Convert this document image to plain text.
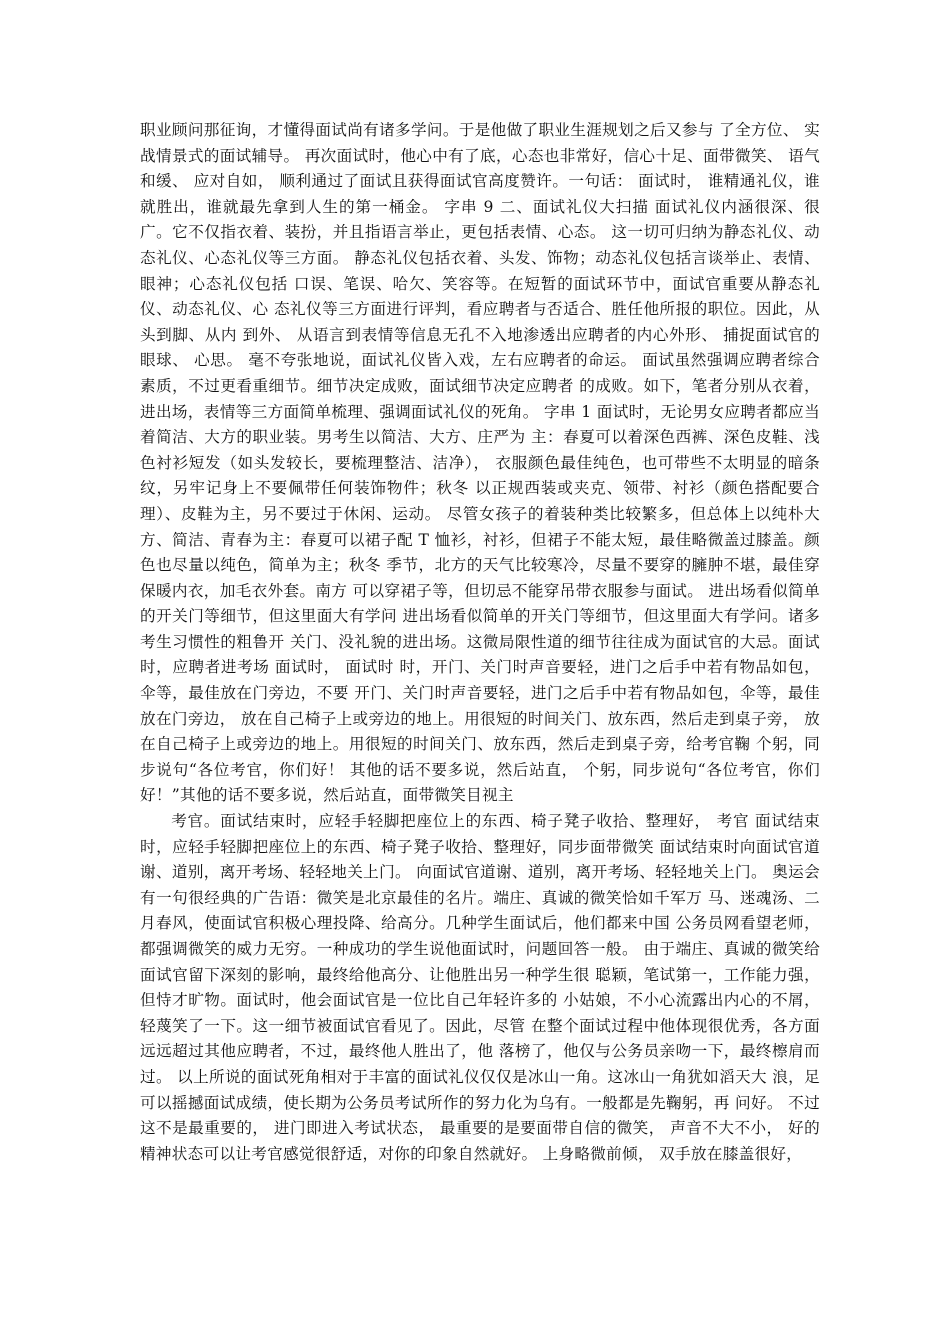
职业顾问那征询，才懂得面试尚有诸多学问。于是他做了职业生涯规划之后又参与 了全方位、 实战情景式的面试辅导。 再次面试时，他心中有了底，心态也非常好，信心十足、面带微笑、 语气和缓、 应对自如， 顺利通过了面试且获得面试官高度赞许。一句话： 面试时， 谁精通礼仪，谁就胜出，谁就最先拿到人生的第一桶金。 字串 9 二、面试礼仪大扫描 面试礼仪内涵很深、很广。它不仅指衣着、装扮，并且指语言举止，更包括表情、心态。 这一切可归纳为静态礼仪、动态礼仪、心态礼仪等三方面。 静态礼仪包括衣着、头发、饰物；动态礼仪包括言谈举止、表情、眼神；心态礼仪包括 口误、笔误、哈欠、笑容等。在短暂的面试环节中，面试官重要从静态礼仪、动态礼仪、心 态礼仪等三方面进行评判，看应聘者与否适合、胜任他所报的职位。因此，从头到脚、从内 到外、 从语言到表情等信息无孔不入地渗透出应聘者的内心外形、 捕捉面试官的眼球、 心思。 毫不夸张地说，面试礼仪皆入戏，左右应聘者的命运。 面试虽然强调应聘者综合素质，不过更看重细节。细节决定成败，面试细节决定应聘者 的成败。如下，笔者分别从衣着，进出场，表情等三方面简单梳理、强调面试礼仪的死角。 字串 1 面试时，无论男女应聘者都应当着简洁、大方的职业装。男考生以简洁、大方、庄严为 主：春夏可以着深色西裤、深色皮鞋、浅色衬衫短发（如头发较长，要梳理整洁、洁净）， 衣服颜色最佳纯色，也可带些不太明显的暗条纹，另牢记身上不要佩带任何装饰物件；秋冬 以正规西装或夹克、领带、衬衫（颜色搭配要合理）、皮鞋为主，另不要过于休闲、运动。 尽管女孩子的着装种类比较繁多，但总体上以纯朴大方、简洁、青春为主：春夏可以裙子配 T 恤衫，衬衫，但裙子不能太短，最佳略微盖过膝盖。颜色也尽量以纯色，简单为主；秋冬 季节，北方的天气比较寒冷，尽量不要穿的臃肿不堪，最佳穿保暖内衣，加毛衣外套。南方 可以穿裙子等，但切忌不能穿吊带衣服参与面试。 进出场看似简单的开关门等细节，但这里面大有学问 进出场看似简单的开关门等细节，但这里面大有学问。诸多考生习惯性的粗鲁开 关门、没礼貌的进出场。这微局限性道的细节往往成为面试官的大忌。面试时，应聘者进考场 面试时， 面试时 时，开门、关门时声音要轻，进门之后手中若有物品如包，伞等，最佳放在门旁边，不要 开门、关门时声音要轻，进门之后手中若有物品如包，伞等，最佳放在门旁边， 放在自己椅子上或旁边的地上。用很短的时间关门、放东西，然后走到桌子旁， 放在自己椅子上或旁边的地上。用很短的时间关门、放东西，然后走到桌子旁，给考官鞠 个躬，同步说句“各位考官，你们好！ 其他的话不要多说，然后站直， 个躬，同步说句“各位考官，你们好！”其他的话不要多说，然后站直，面带微笑目视主

考官。面试结束时，应轻手轻脚把座位上的东西、椅子凳子收拾、整理好， 考官 面试结束时，应轻手轻脚把座位上的东西、椅子凳子收拾、整理好，同步面带微笑 面试结束时向面试官道谢、道别，离开考场、轻轻地关上门。 向面试官道谢、道别，离开考场、轻轻地关上门。 奥运会有一句很经典的广告语：微笑是北京最佳的名片。端庄、真诚的微笑恰如千军万 马、迷魂汤、二月春风，使面试官积极心理投降、给高分。几种学生面试后，他们都来中国 公务员网看望老师，都强调微笑的威力无穷。一种成功的学生说他面试时，问题回答一般。 由于端庄、真诚的微笑给面试官留下深刻的影响，最终给他高分、让他胜出另一种学生很 聪颖，笔试第一，工作能力强，但恃才旷物。面试时，他会面试官是一位比自己年轻许多的 小姑娘，不小心流露出内心的不屑，轻蔑笑了一下。这一细节被面试官看见了。因此，尽管 在整个面试过程中他体现很优秀，各方面远远超过其他应聘者，不过，最终他人胜出了，他 落榜了，他仅与公务员亲吻一下，最终檫肩而过。 以上所说的面试死角相对于丰富的面试礼仪仅仅是冰山一角。这冰山一角犹如滔天大 浪，足可以摇撼面试成绩，使长期为公务员考试所作的努力化为乌有。一般都是先鞠躬，再 问好。 不过这不是最重要的， 进门即进入考试状态， 最重要的是要面带自信的微笑， 声音不大不小， 好的精神状态可以让考官感觉很舒适，对你的印象自然就好。 上身略微前倾， 双手放在膝盖很好，
